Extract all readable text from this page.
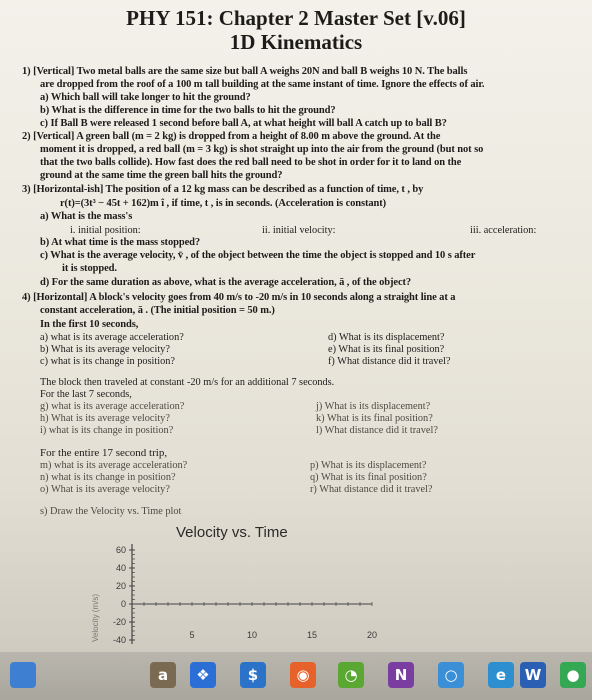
PHY 151: Chapter 2 Master Set [v.06]
1D Kinematics
1) [Vertical] Two metal balls are the same size but ball A weighs 20N and ball B weighs 10 N. The balls
are dropped from the roof of a 100 m tall building at the same instant of time. Ignore the effects of air.
a) Which ball will take longer to hit the ground?
b) What is the difference in time for the two balls to hit the ground?
c) If Ball B were released 1 second before ball A, at what height will ball A catch up to ball B?
2) [Vertical] A green ball (m = 2 kg) is dropped from a height of 8.00 m above the ground. At the
moment it is dropped, a red ball (m = 3 kg) is shot straight up into the air from the ground (but not so
that the two balls collide). How fast does the red ball need to be shot in order for it to land on the
ground at the same time the green ball hits the ground?
3) [Horizontal-ish] The position of a 12 kg mass can be described as a function of time, t , by
r(t)=(3t³ − 45t + 162)m î , if time, t , is in seconds. (Acceleration is constant)
a) What is the mass's
i. initial position:	ii. initial velocity:	iii. acceleration:
b) At what time is the mass stopped?
c) What is the average velocity, v̄ , of the object between the time the object is stopped and 10 s after
it is stopped.
d) For the same duration as above, what is the average acceleration, ā , of the object?
4) [Horizontal] A block's velocity goes from 40 m/s to -20 m/s in 10 seconds along a straight line at a
constant acceleration, ā . (The initial position = 50 m.)
In the first 10 seconds,
a) what is its average acceleration?
b) What is its average velocity?
c) what is its change in position?
d) What is its displacement?
e) What is its final position?
f) What distance did it travel?
The block then traveled at constant -20 m/s for an additional 7 seconds.
For the last 7 seconds,
g) what is its average acceleration?
h) What is its average velocity?
i) what is its change in position?
j) What is its displacement?
k) What is its final position?
l) What distance did it travel?
For the entire 17 second trip,
m) what is its average acceleration?
n) what is its change in position?
o) What is its average velocity?
p) What is its displacement?
q) What is its final position?
r) What distance did it travel?
s) Draw the Velocity vs. Time plot
Velocity vs. Time
60
40
20
0
-20
-40	5	10	15	20
Velocity (m/s)
a	❖	$	◉	◔	N	○	e	W	●
